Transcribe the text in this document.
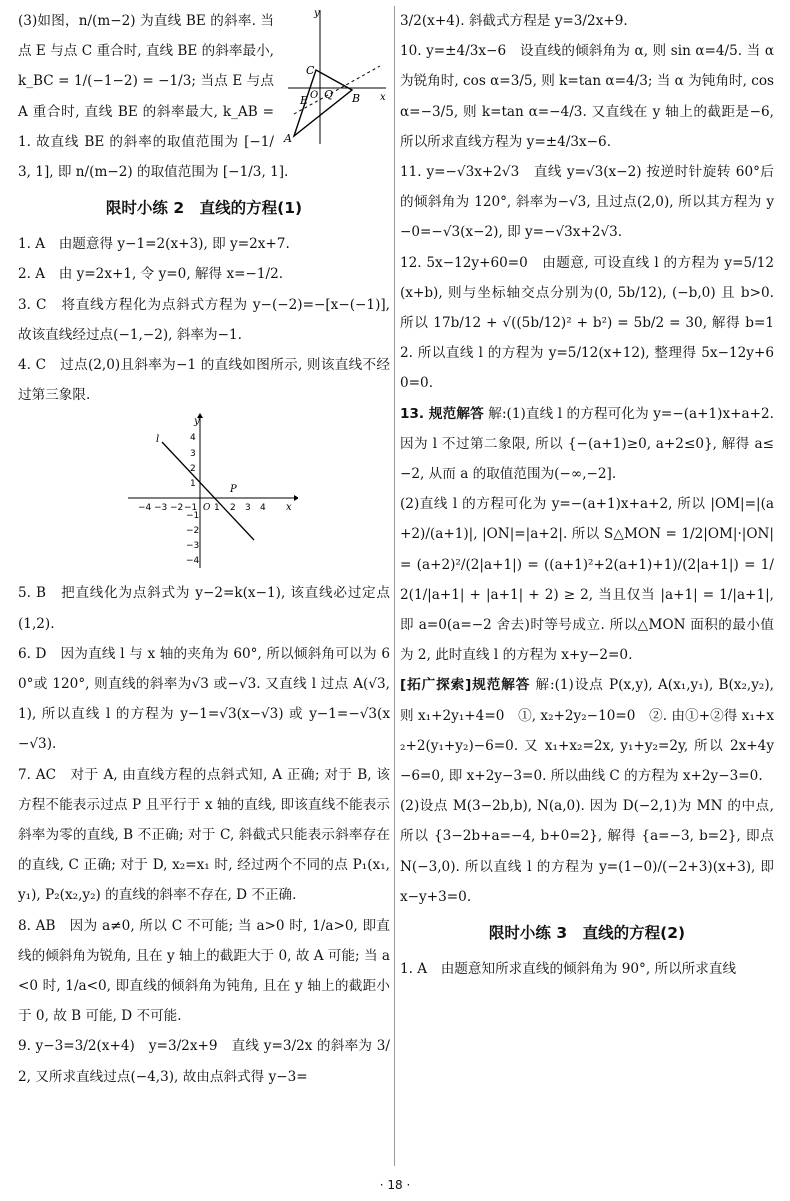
y
x
C
E O Q B
A

(3)如图，n/(m−2) 为直线 BE 的斜率. 当点 E 与点 C 重合时, 直线 BE 的斜率最小, k_BC = 1/(−1−2) = −1/3; 当点 E 与点 A 重合时, 直线 BE 的斜率最大, k_AB = 1. 故直线 BE 的斜率的取值范围为 [−1/3, 1], 即 n/(m−2) 的取值范围为 [−1/3, 1].

限时小练 2　直线的方程(1)

1. A　由题意得 y−1=2(x+3), 即 y=2x+7.

2. A　由 y=2x+1, 令 y=0, 解得 x=−1/2.

3. C　将直线方程化为点斜式方程为 y−(−2)=−[x−(−1)], 故该直线经过点(−1,−2), 斜率为−1.

4. C　过点(2,0)且斜率为−1 的直线如图所示, 则该直线不经过第三象限.

−4 −3 −2 −1 1 2 3 4
4
3
2
1
−1
−2
−3
−4
y
x
l
P
O

5. B　把直线化为点斜式为 y−2=k(x−1), 该直线必过定点(1,2).

6. D　因为直线 l 与 x 轴的夹角为 60°, 所以倾斜角可以为 60°或 120°, 则直线的斜率为√3 或−√3. 又直线 l 过点 A(√3,1), 所以直线 l 的方程为 y−1=√3(x−√3) 或 y−1=−√3(x−√3).

7. AC　对于 A, 由直线方程的点斜式知, A 正确; 对于 B, 该方程不能表示过点 P 且平行于 x 轴的直线, 即该直线不能表示斜率为零的直线, B 不正确; 对于 C, 斜截式只能表示斜率存在的直线, C 正确; 对于 D, x₂=x₁ 时, 经过两个不同的点 P₁(x₁,y₁), P₂(x₂,y₂) 的直线的斜率不存在, D 不正确.

8. AB　因为 a≠0, 所以 C 不可能; 当 a>0 时, 1/a>0, 即直线的倾斜角为锐角, 且在 y 轴上的截距大于 0, 故 A 可能; 当 a<0 时, 1/a<0, 即直线的倾斜角为钝角, 且在 y 轴上的截距小于 0, 故 B 可能, D 不可能.

9. y−3=3/2(x+4)　y=3/2x+9　直线 y=3/2x 的斜率为 3/2, 又所求直线过点(−4,3), 故由点斜式得 y−3=

3/2(x+4). 斜截式方程是 y=3/2x+9.

10. y=±4/3x−6　设直线的倾斜角为 α, 则 sin α=4/5. 当 α 为锐角时, cos α=3/5, 则 k=tan α=4/3; 当 α 为钝角时, cos α=−3/5, 则 k=tan α=−4/3. 又直线在 y 轴上的截距是−6, 所以所求直线方程为 y=±4/3x−6.

11. y=−√3x+2√3　直线 y=√3(x−2) 按逆时针旋转 60°后的倾斜角为 120°, 斜率为−√3, 且过点(2,0), 所以其方程为 y−0=−√3(x−2), 即 y=−√3x+2√3.

12. 5x−12y+60=0　由题意, 可设直线 l 的方程为 y=5/12(x+b), 则与坐标轴交点分别为(0, 5b/12), (−b,0) 且 b>0. 所以 17b/12 + √((5b/12)² + b²) = 5b/2 = 30, 解得 b=12. 所以直线 l 的方程为 y=5/12(x+12), 整理得 5x−12y+60=0.

13. 规范解答 解:(1)直线 l 的方程可化为 y=−(a+1)x+a+2. 因为 l 不过第二象限, 所以 {−(a+1)≥0, a+2≤0}, 解得 a≤−2, 从而 a 的取值范围为(−∞,−2].

(2)直线 l 的方程可化为 y=−(a+1)x+a+2, 所以 |OM|=|(a+2)/(a+1)|, |ON|=|a+2|. 所以 S△MON = 1/2|OM|·|ON| = (a+2)²/(2|a+1|) = ((a+1)²+2(a+1)+1)/(2|a+1|) = 1/2(1/|a+1| + |a+1| + 2) ≥ 2, 当且仅当 |a+1| = 1/|a+1|, 即 a=0(a=−2 舍去)时等号成立. 所以△MON 面积的最小值为 2, 此时直线 l 的方程为 x+y−2=0.

[拓广探索]规范解答 解:(1)设点 P(x,y), A(x₁,y₁), B(x₂,y₂), 则 x₁+2y₁+4=0　①, x₂+2y₂−10=0　②. 由①+②得 x₁+x₂+2(y₁+y₂)−6=0. 又 x₁+x₂=2x, y₁+y₂=2y, 所以 2x+4y−6=0, 即 x+2y−3=0. 所以曲线 C 的方程为 x+2y−3=0.

(2)设点 M(3−2b,b), N(a,0). 因为 D(−2,1)为 MN 的中点, 所以 {3−2b+a=−4, b+0=2}, 解得 {a=−3, b=2}, 即点 N(−3,0). 所以直线 l 的方程为 y=(1−0)/(−2+3)(x+3), 即 x−y+3=0.

限时小练 3　直线的方程(2)

1. A　由题意知所求直线的倾斜角为 90°, 所以所求直线

· 18 ·
